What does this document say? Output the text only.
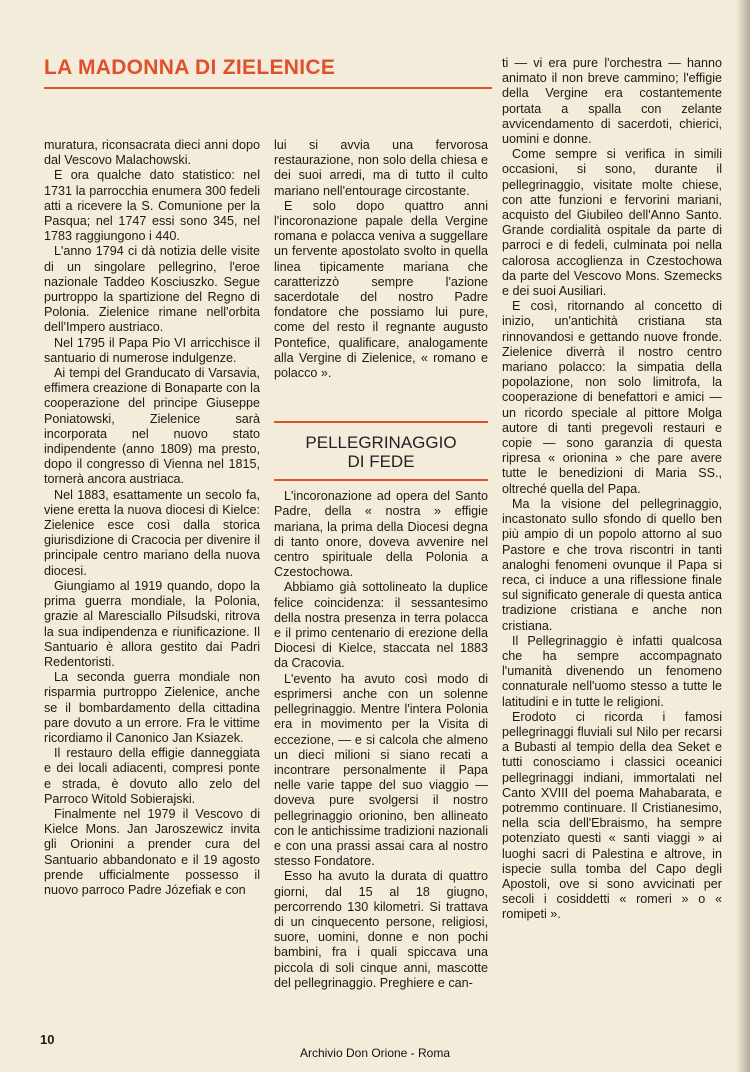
LA MADONNA DI ZIELENICE

muratura, riconsacrata dieci anni dopo dal Vescovo Malachowski.

E ora qualche dato statistico: nel 1731 la parrocchia enumera 300 fedeli atti a ricevere la S. Comunione per la Pasqua; nel 1747 essi sono 345, nel 1783 raggiungono i 440.

L'anno 1794 ci dà notizia delle visite di un singolare pellegrino, l'eroe nazionale Taddeo Kosciuszko. Segue purtroppo la spartizione del Regno di Polonia. Zielenice rimane nell'orbita dell'Impero austriaco.

Nel 1795 il Papa Pio VI arricchisce il santuario di numerose indulgenze.

Ai tempi del Granducato di Varsavia, effimera creazione di Bonaparte con la cooperazione del principe Giuseppe Poniatowski, Zielenice sarà incorporata nel nuovo stato indipendente (anno 1809) ma presto, dopo il congresso di Vienna nel 1815, tornerà ancora austriaca.

Nel 1883, esattamente un secolo fa, viene eretta la nuova diocesi di Kielce: Zielenice esce così dalla storica giurisdizione di Cracocia per divenire il principale centro mariano della nuova diocesi.

Giungiamo al 1919 quando, dopo la prima guerra mondiale, la Polonia, grazie al Maresciallo Pilsudski, ritrova la sua indipendenza e riunificazione. Il Santuario è allora gestito dai Padri Redentoristi.

La seconda guerra mondiale non risparmia purtroppo Zielenice, anche se il bombardamento della cittadina pare dovuto a un errore. Fra le vittime ricordiamo il Canonico Jan Ksiazek.

Il restauro della effigie danneggiata e dei locali adiacenti, compresi ponte e strada, è dovuto allo zelo del Parroco Witold Sobierajski.

Finalmente nel 1979 il Vescovo di Kielce Mons. Jan Jaroszewicz invita gli Orionini a prender cura del Santuario abbandonato e il 19 agosto prende ufficialmente possesso il nuovo parroco Padre Józefiak e con

lui si avvia una fervorosa restaurazione, non solo della chiesa e dei suoi arredi, ma di tutto il culto mariano nell'entourage circostante.

E solo dopo quattro anni l'incoronazione papale della Vergine romana e polacca veniva a suggellare un fervente apostolato svolto in quella linea tipicamente mariana che caratterizzò sempre l'azione sacerdotale del nostro Padre fondatore che possiamo lui pure, come del resto il regnante augusto Pontefice, qualificare, analogamente alla Vergine di Zielenice, « romano e polacco ».

PELLEGRINAGGIO
DI FEDE

L'incoronazione ad opera del Santo Padre, della « nostra » effigie mariana, la prima della Diocesi degna di tanto onore, doveva avvenire nel centro spirituale della Polonia a Czestochowa.

Abbiamo già sottolineato la duplice felice coincidenza: il sessantesimo della nostra presenza in terra polacca e il primo centenario di erezione della Diocesi di Kielce, staccata nel 1883 da Cracovia.

L'evento ha avuto così modo di esprimersi anche con un solenne pellegrinaggio. Mentre l'intera Polonia era in movimento per la Visita di eccezione, — e si calcola che almeno un dieci milioni si siano recati a incontrare personalmente il Papa nelle varie tappe del suo viaggio — doveva pure svolgersi il nostro pellegrinaggio orionino, ben allineato con le antichissime tradizioni nazionali e con una prassi assai cara al nostro stesso Fondatore.

Esso ha avuto la durata di quattro giorni, dal 15 al 18 giugno, percorrendo 130 kilometri. Si trattava di un cinquecento persone, religiosi, suore, uomini, donne e non pochi bambini, fra i quali spiccava una piccola di soli cinque anni, mascotte del pellegrinaggio. Preghiere e can-

ti — vi era pure l'orchestra — hanno animato il non breve cammino; l'effigie della Vergine era costantemente portata a spalla con zelante avvicendamento di sacerdoti, chierici, uomini e donne.

Come sempre si verifica in simili occasioni, si sono, durante il pellegrinaggio, visitate molte chiese, con atte funzioni e fervorini mariani, acquisto del Giubileo dell'Anno Santo. Grande cordialità ospitale da parte di parroci e di fedeli, culminata poi nella calorosa accoglienza in Czestochowa da parte del Vescovo Mons. Szemecks e dei suoi Ausiliari.

E così, ritornando al concetto di inizio, un'antichità cristiana sta rinnovandosi e gettando nuove fronde. Zielenice diverrà il nostro centro mariano polacco: la simpatia della popolazione, non solo limitrofa, la cooperazione di benefattori e amici — un ricordo speciale al pittore Molga autore di tanti pregevoli restauri e copie — sono garanzia di questa ripresa « orionina » che pare avere tutte le benedizioni di Maria SS., oltreché quella del Papa.

Ma la visione del pellegrinaggio, incastonato sullo sfondo di quello ben più ampio di un popolo attorno al suo Pastore e che trova riscontri in tanti analoghi fenomeni ovunque il Papa si reca, ci induce a una riflessione finale sul significato generale di questa antica tradizione cristiana e anche non cristiana.

Il Pellegrinaggio è infatti qualcosa che ha sempre accompagnato l'umanità divenendo un fenomeno connaturale nell'uomo stesso a tutte le latitudini e in tutte le religioni.

Erodoto ci ricorda i famosi pellegrinaggi fluviali sul Nilo per recarsi a Bubasti al tempio della dea Seket e tutti conosciamo i classici oceanici pellegrinaggi indiani, immortalati nel Canto XVIII del poema Mahabarata, e potremmo continuare. Il Cristianesimo, nella scia dell'Ebraismo, ha sempre potenziato questi « santi viaggi » ai luoghi sacri di Palestina e altrove, in ispecie sulla tomba del Capo degli Apostoli, ove si sono avvicinati per secoli i cosiddetti « romeri » o « romipeti ».

10
Archivio Don Orione - Roma
